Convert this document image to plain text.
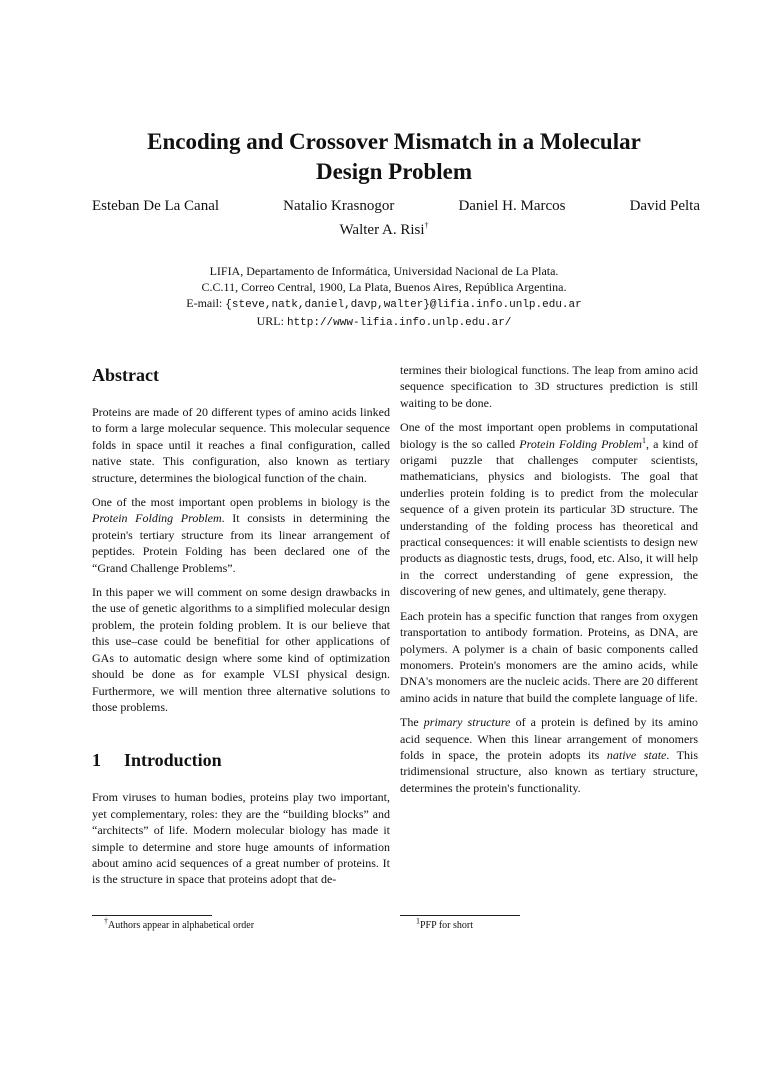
Encoding and Crossover Mismatch in a Molecular
Design Problem
Esteban De La Canal	Natalio Krasnogor	Daniel H. Marcos	David Pelta
Walter A. Risi†
LIFIA, Departamento de Informática, Universidad Nacional de La Plata.
C.C.11, Correo Central, 1900, La Plata, Buenos Aires, República Argentina.
E-mail: {steve,natk,daniel,davp,walter}@lifia.info.unlp.edu.ar
URL: http://www-lifia.info.unlp.edu.ar/
Abstract

Proteins are made of 20 different types of amino acids linked to form a large molecular sequence. This molecular sequence folds in space until it reaches a final configuration, called native state. This configuration, also known as tertiary structure, determines the biological function of the chain.

One of the most important open problems in biology is the Protein Folding Problem. It consists in determining the protein's tertiary structure from its linear arrangement of peptides. Protein Folding has been declared one of the “Grand Challenge Problems”.

In this paper we will comment on some design drawbacks in the use of genetic algorithms to a simplified molecular design problem, the protein folding problem. It is our believe that this use–case could be benefitial for other applications of GAs to automatic design where some kind of optimization should be done as for example VLSI physical design. Furthermore, we will mention three alternative solutions to those problems.

1 Introduction

From viruses to human bodies, proteins play two important, yet complementary, roles: they are the “building blocks” and “architects” of life. Modern molecular biology has made it simple to determine and store huge amounts of information about amino acid sequences of a great number of proteins. It is the structure in space that proteins adopt that de-

termines their biological functions. The leap from amino acid sequence specification to 3D structures prediction is still waiting to be done.

One of the most important open problems in computational biology is the so called Protein Folding Problem$^1$, a kind of origami puzzle that challenges computer scientists, mathematicians, physics and biologists. The goal that underlies protein folding is to predict from the molecular sequence of a given protein its particular 3D structure. The understanding of the folding process has theoretical and practical consequences: it will enable scientists to design new products as diagnostic tests, drugs, food, etc. Also, it will help in the correct understanding of gene expression, the discovering of new genes, and ultimately, gene therapy.

Each protein has a specific function that ranges from oxygen transportation to antibody formation. Proteins, as DNA, are polymers. A polymer is a chain of basic components called monomers. Protein's monomers are the amino acids, while DNA's monomers are the nucleic acids. There are 20 different amino acids in nature that build the complete language of life.

The primary structure of a protein is defined by its amino acid sequence. When this linear arrangement of monomers folds in space, the protein adopts its native state. This tridimensional structure, also known as tertiary structure, determines the protein's functionality.

†Authors appear in alphabetical order	$^1$PFP for short
